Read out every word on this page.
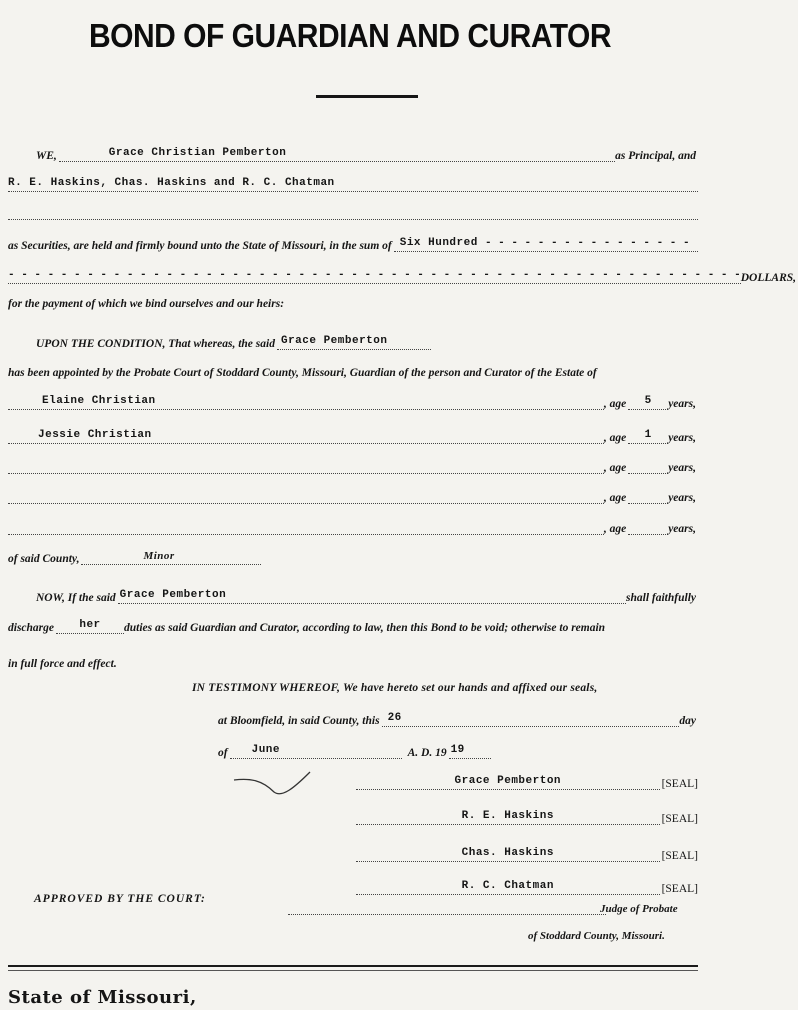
BOND OF GUARDIAN AND CURATOR
WE,	Grace Christian Pemberton	as Principal, and
R. E. Haskins, Chas. Haskins and R. C. Chatman
as Securities, are held and firmly bound unto the State of Missouri, in the sum of Six Hundred - - - - - - - - - - - - - - - -
- - - - - - - - - - - - - - - - - - - - - - - - - - - - - - - - - - - - - - - - - - - - - - - - - - - - - - - - DOLLARS,
for the payment of which we bind ourselves and our heirs:
UPON THE CONDITION, That whereas, the said Grace Pemberton
has been appointed by the Probate Court of Stoddard County, Missouri, Guardian of the person and Curator of the Estate of
Elaine Christian	, age	5	years,
Jessie Christian	, age	1	years,
, age	years,
, age	years,
, age	years,
of said County,	Minor
NOW, If the said Grace Pemberton	shall faithfully
discharge	her	duties as said Guardian and Curator, according to law, then this Bond to be void; otherwise to remain
in full force and effect.
IN TESTIMONY WHEREOF, We have hereto set our hands and affixed our seals,
at Bloomfield, in said County, this 26	day
of	June	A. D. 19 19
Grace Pemberton	[SEAL]
R. E. Haskins	[SEAL]
Chas. Haskins	[SEAL]
R. C. Chatman	[SEAL]
APPROVED BY THE COURT:
Judge of Probate
of Stoddard County, Missouri.
State of Missouri,
